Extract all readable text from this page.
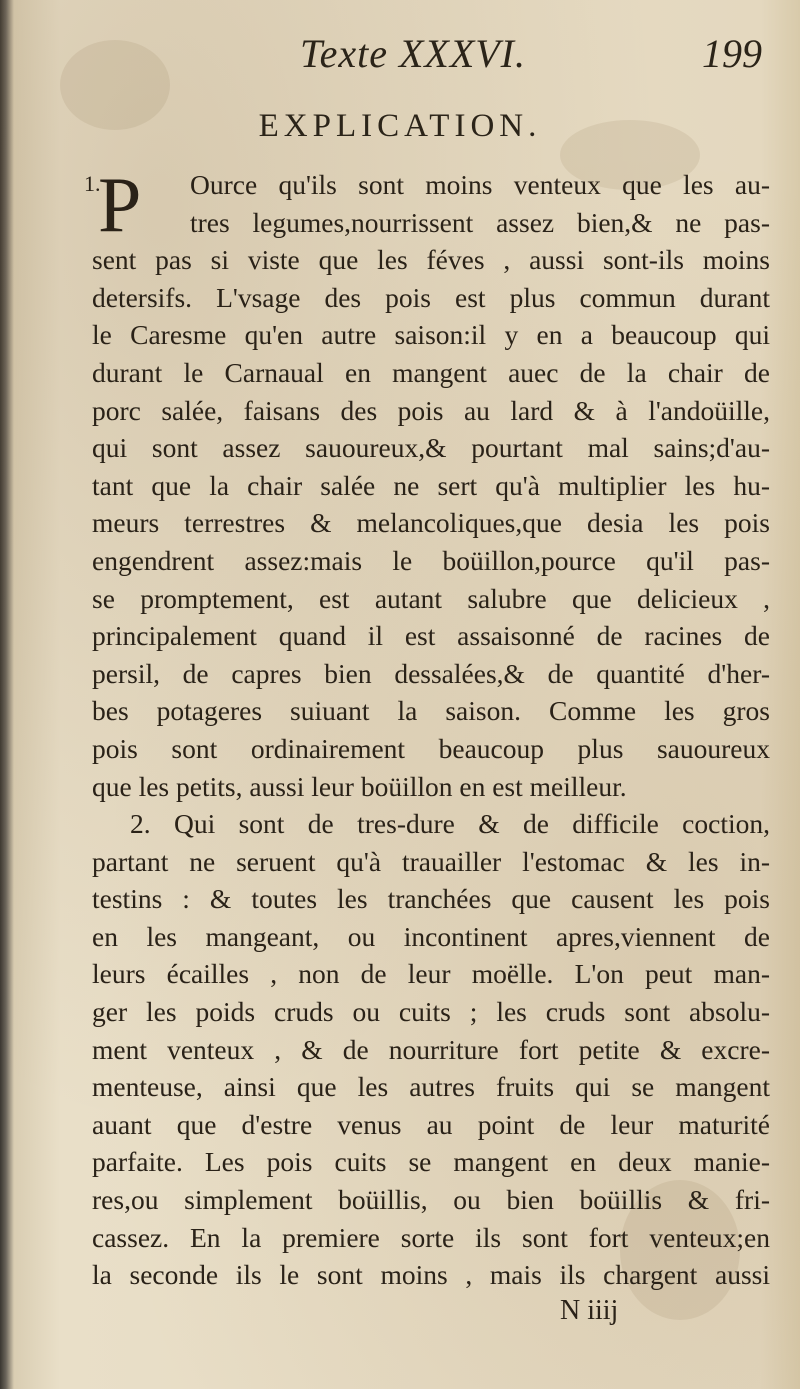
Texte XXXVI.	199
EXPLICATION.
1.
P	Ource qu'ils sont moins venteux que les au-
tres legumes,nourrissent assez bien,& ne pas-
sent pas si viste que les féves , aussi sont-ils moins
detersifs. L'vsage des pois est plus commun durant
le Caresme qu'en autre saison:il y en a beaucoup qui
durant le Carnaual en mangent auec de la chair de
porc salée, faisans des pois au lard & à l'andoüille,
qui sont assez sauoureux,& pourtant mal sains;d'au-
tant que la chair salée ne sert qu'à multiplier les hu-
meurs terrestres & melancoliques,que desia les pois
engendrent assez:mais le boüillon,pource qu'il pas-
se promptement, est autant salubre que delicieux ,
principalement quand il est assaisonné de racines de
persil, de capres bien dessalées,& de quantité d'her-
bes potageres suiuant la saison. Comme les gros
pois sont ordinairement beaucoup plus sauoureux
que les petits, aussi leur boüillon en est meilleur.
2. Qui sont de tres-dure & de difficile coction,
partant ne seruent qu'à trauailler l'estomac & les in-
testins : & toutes les tranchées que causent les pois
en les mangeant, ou incontinent apres,viennent de
leurs écailles , non de leur moëlle. L'on peut man-
ger les poids cruds ou cuits ; les cruds sont absolu-
ment venteux , & de nourriture fort petite & excre-
menteuse, ainsi que les autres fruits qui se mangent
auant que d'estre venus au point de leur maturité
parfaite. Les pois cuits se mangent en deux manie-
res,ou simplement boüillis, ou bien boüillis & fri-
cassez. En la premiere sorte ils sont fort venteux;en
la seconde ils le sont moins , mais ils chargent aussi
N iiij
